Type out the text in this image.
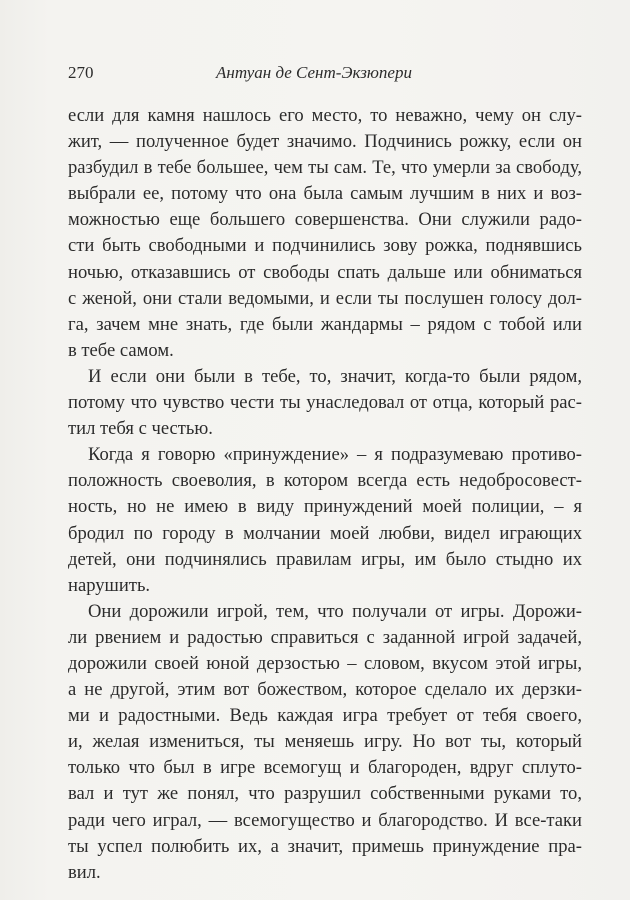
270	Антуан де Сент-Экзюпери
если для камня нашлось его место, то неважно, чему он слу-
жит, — полученное будет значимо. Подчинись рожку, если он
разбудил в тебе большее, чем ты сам. Те, что умерли за свободу,
выбрали ее, потому что она была самым лучшим в них и воз-
можностью еще большего совершенства. Они служили радо-
сти быть свободными и подчинились зову рожка, поднявшись
ночью, отказавшись от свободы спать дальше или обниматься
с женой, они стали ведомыми, и если ты послушен голосу дол-
га, зачем мне знать, где были жандармы – рядом с тобой или
в тебе самом.
И если они были в тебе, то, значит, когда-то были рядом,
потому что чувство чести ты унаследовал от отца, который рас-
тил тебя с честью.
Когда я говорю «принуждение» – я подразумеваю противо-
положность своеволия, в котором всегда есть недобросовест-
ность, но не имею в виду принуждений моей полиции, – я
бродил по городу в молчании моей любви, видел играющих
детей, они подчинялись правилам игры, им было стыдно их
нарушить.
Они дорожили игрой, тем, что получали от игры. Дорожи-
ли рвением и радостью справиться с заданной игрой задачей,
дорожили своей юной дерзостью – словом, вкусом этой игры,
а не другой, этим вот божеством, которое сделало их дерзки-
ми и радостными. Ведь каждая игра требует от тебя своего,
и, желая измениться, ты меняешь игру. Но вот ты, который
только что был в игре всемогущ и благороден, вдруг сплуто-
вал и тут же понял, что разрушил собственными руками то,
ради чего играл, — всемогущество и благородство. И все-таки
ты успел полюбить их, а значит, примешь принуждение пра-
вил.
